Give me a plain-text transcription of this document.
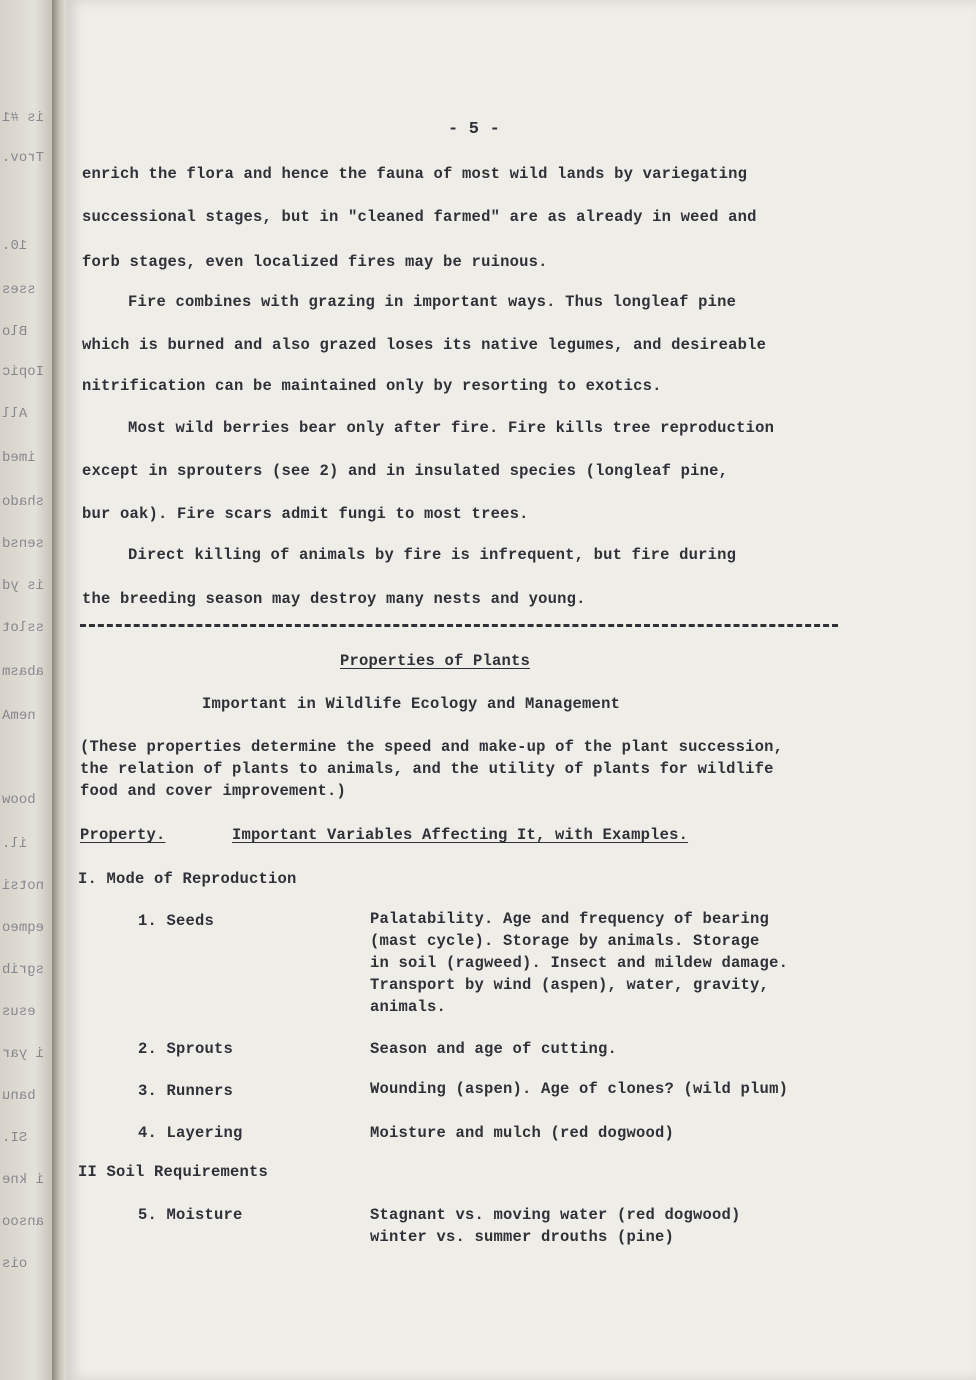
is #1
Trov.
10.
sses
Blo
Iopic
All
imed
shado
sensd
is yd
sslot
abasm
nemA
boow
il.
notsi
eqmeo
sgrib
esus
i yar
banu
SI.
i kne
ansoo
ois
- 5 -
enrich the flora and hence the fauna of most wild lands by variegating
successional stages, but in "cleaned farmed" are as already in weed and
forb stages, even localized fires may be ruinous.
Fire combines with grazing in important ways. Thus longleaf pine
which is burned and also grazed loses its native legumes, and desireable
nitrification can be maintained only by resorting to exotics.
Most wild berries bear only after fire. Fire kills tree reproduction
except in sprouters (see 2) and in insulated species (longleaf pine,
bur oak). Fire scars admit fungi to most trees.
Direct killing of animals by fire is infrequent, but fire during
the breeding season may destroy many nests and young.
Properties of Plants
Important in Wildlife Ecology and Management
(These properties determine the speed and make-up of the plant succession,
the relation of plants to animals, and the utility of plants for wildlife
food and cover improvement.)
Property.	Important Variables Affecting It, with Examples.
I. Mode of Reproduction
1. Seeds	Palatability. Age and frequency of bearing
(mast cycle). Storage by animals. Storage
in soil (ragweed). Insect and mildew damage.
Transport by wind (aspen), water, gravity,
animals.
2. Sprouts	Season and age of cutting.
3. Runners	Wounding (aspen). Age of clones? (wild plum)
4. Layering	Moisture and mulch (red dogwood)
II Soil Requirements
5. Moisture	Stagnant vs. moving water (red dogwood)
winter vs. summer drouths (pine)
